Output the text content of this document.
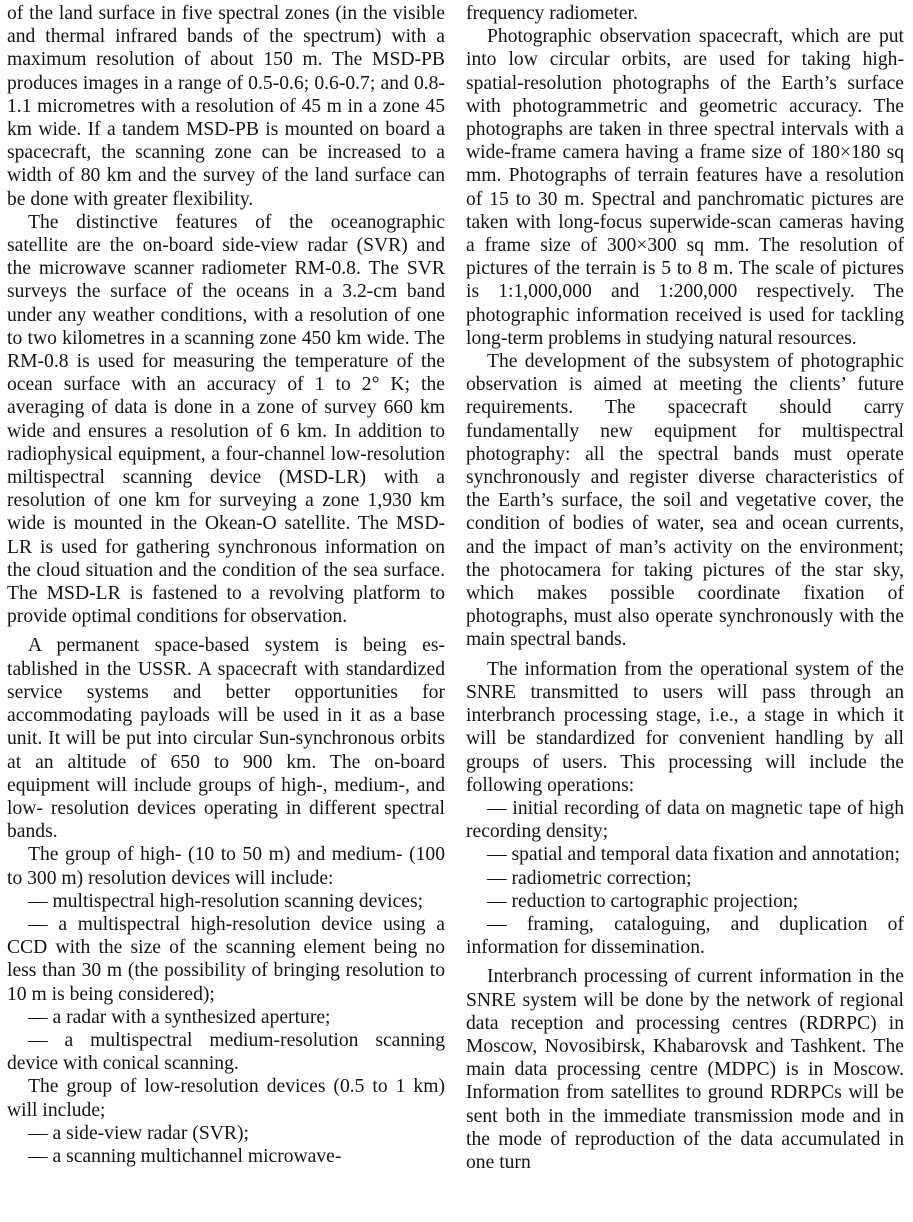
of the land surface in five spectral zones (in the visible and thermal infrared bands of the spectrum) with a maximum resolution of about 150 m. The MSD-PB produces images in a range of 0.5-0.6; 0.6-0.7; and 0.8-1.1 micrometres with a resolution of 45 m in a zone 45 km wide. If a tandem MSD-PB is mounted on board a spacecraft, the scanning zone can be increased to a width of 80 km and the survey of the land surface can be done with greater flexibility.

The distinctive features of the oceanographic satellite are the on-board side-view radar (SVR) and the microwave scanner radiometer RM-0.8. The SVR surveys the surface of the oceans in a 3.2-cm band under any weather conditions, with a resolution of one to two kilometres in a scanning zone 450 km wide. The RM-0.8 is used for measuring the temperature of the ocean surface with an accuracy of 1 to 2° K; the averaging of data is done in a zone of survey 660 km wide and ensures a resolution of 6 km. In addition to radiophysical equipment, a four-channel low-resolution miltispectral scanning device (MSD-LR) with a resolution of one km for surveying a zone 1,930 km wide is mounted in the Okean-O satellite. The MSD-LR is used for gathering synchronous information on the cloud situation and the condition of the sea surface. The MSD-LR is fastened to a revolving platform to provide optimal conditions for observation.

A permanent space-based system is being established in the USSR. A spacecraft with standardized service systems and better opportunities for accommodating payloads will be used in it as a base unit. It will be put into circular Sun-synchronous orbits at an altitude of 650 to 900 km. The on-board equipment will include groups of high-, medium-, and low- resolution devices operating in different spectral bands.

The group of high- (10 to 50 m) and medium- (100 to 300 m) resolution devices will include:

— multispectral high-resolution scanning devices;

— a multispectral high-resolution device using a CCD with the size of the scanning element being no less than 30 m (the possibility of bringing resolution to 10 m is being considered);

— a radar with a synthesized aperture;

— a multispectral medium-resolution scanning device with conical scanning.

The group of low-resolution devices (0.5 to 1 km) will include;

— a side-view radar (SVR);

— a scanning multichannel microwave-

frequency radiometer.

Photographic observation spacecraft, which are put into low circular orbits, are used for taking high-spatial-resolution photographs of the Earth’s surface with photogrammetric and geometric accuracy. The photographs are taken in three spectral intervals with a wide-frame camera having a frame size of 180×180 sq mm. Photographs of terrain features have a resolution of 15 to 30 m. Spectral and panchromatic pictures are taken with long-focus superwide-scan cameras having a frame size of 300×300 sq mm. The resolution of pictures of the terrain is 5 to 8 m. The scale of pictures is 1:1,000,000 and 1:200,000 respectively. The photographic information received is used for tackling long-term problems in studying natural resources.

The development of the subsystem of photographic observation is aimed at meeting the clients’ future requirements. The spacecraft should carry fundamentally new equipment for multispectral photography: all the spectral bands must operate synchronously and register diverse characteristics of the Earth’s surface, the soil and vegetative cover, the condition of bodies of water, sea and ocean currents, and the impact of man’s activity on the environment; the photocamera for taking pictures of the star sky, which makes possible coordinate fixation of photographs, must also operate synchronously with the main spectral bands.

The information from the operational system of the SNRE transmitted to users will pass through an interbranch processing stage, i.e., a stage in which it will be standardized for convenient handling by all groups of users. This processing will include the following operations:

— initial recording of data on magnetic tape of high recording density;

— spatial and temporal data fixation and annotation;

— radiometric correction;

— reduction to cartographic projection;

— framing, cataloguing, and duplication of information for dissemination.

Interbranch processing of current information in the SNRE system will be done by the network of regional data reception and processing centres (RDRPC) in Moscow, Novosibirsk, Khabarovsk and Tashkent. The main data processing centre (MDPC) is in Moscow. Information from satellites to ground RDRPCs will be sent both in the immediate transmission mode and in the mode of reproduction of the data accumulated in one turn
